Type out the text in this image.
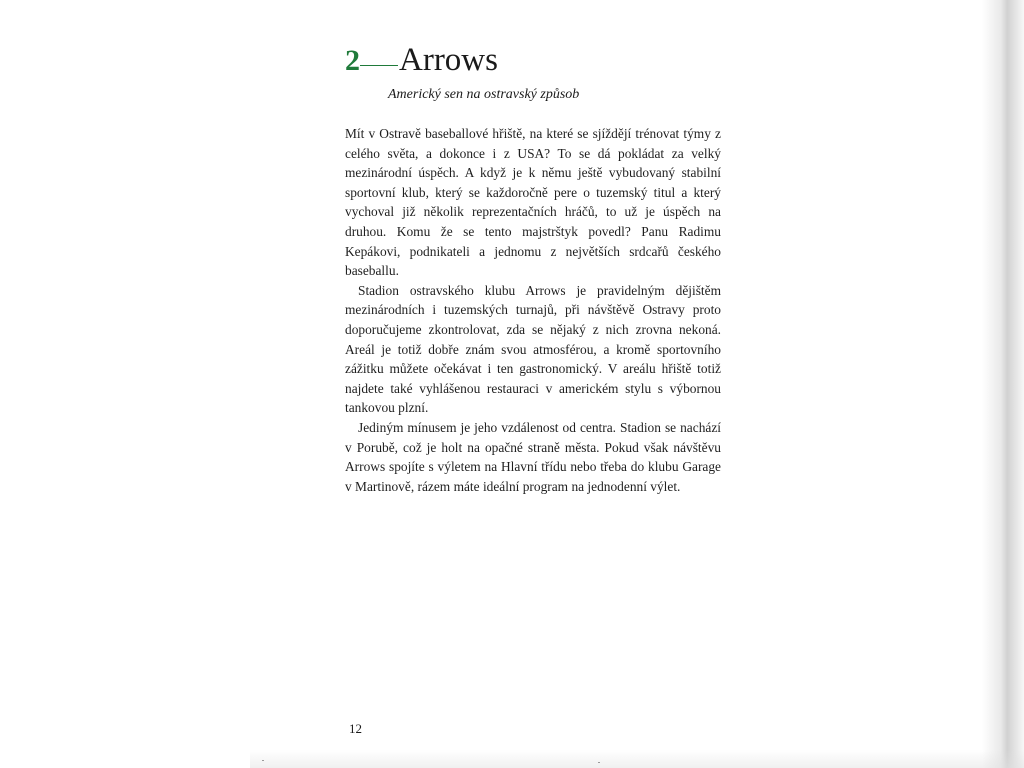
2 Arrows
Americký sen na ostravský způsob

Mít v Ostravě baseballové hřiště, na které se sjíždějí trénovat týmy z celého světa, a dokonce i z USA? To se dá pokládat za velký mezinárodní úspěch. A když je k němu ještě vybudovaný stabilní sportovní klub, který se každoročně pere o tuzemský titul a který vychoval již několik reprezentačních hráčů, to už je úspěch na druhou. Komu že se tento majstrštyk povedl? Panu Radimu Kepákovi, podnikateli a jednomu z největších srdcařů českého baseballu.

Stadion ostravského klubu Arrows je pravidelným dějištěm mezinárodních i tuzemských turnajů, při návštěvě Ostravy proto doporučujeme zkontrolovat, zda se nějaký z nich zrovna nekoná. Areál je totiž dobře znám svou atmosférou, a kromě sportovního zážitku můžete očekávat i ten gastronomický. V areálu hřiště totiž najdete také vyhlášenou restauraci v americkém stylu s výbornou tankovou plzní.

Jediným mínusem je jeho vzdálenost od centra. Stadion se nachází v Porubě, což je holt na opačné straně města. Pokud však návštěvu Arrows spojíte s výletem na Hlavní třídu nebo třeba do klubu Garage v Martinově, rázem máte ideální program na jednodenní výlet.

12
